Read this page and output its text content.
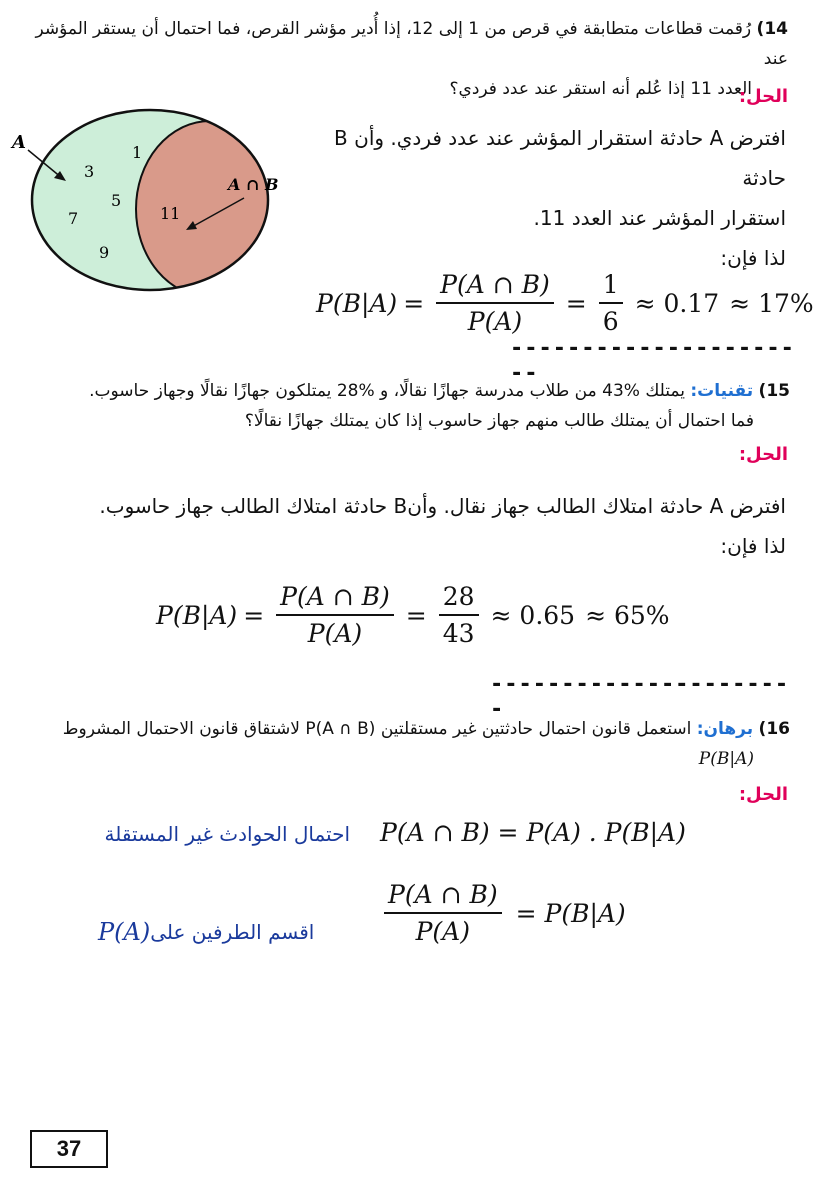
14) رُقمت قطاعات متطابقة في قرص من 1 إلى 12، إذا أُدير مؤشر القرص، فما احتمال أن يستقر المؤشر عند
العدد 11 إذا عُلم أنه استقر عند عدد فردي؟
الحل:
A
A ∩ B
1
3
5
7
9
11
افترض A حادثة استقرار المؤشر عند عدد فردي. وأن B حادثة
استقرار المؤشر عند العدد 11.
لذا فإن:
$P(B|A) = \frac{P(A \cap B)}{P(A)} = \frac{1}{6} \approx 0.17 \approx 17\%$
----------------------
15) تقنيات: يمتلك %43 من طلاب مدرسة جهازًا نقالًا، و %28 يمتلكون جهازًا نقالًا وجهاز حاسوب.
فما احتمال أن يمتلك طالب منهم جهاز حاسوب إذا كان يمتلك جهازًا نقالًا؟
الحل:
افترض A حادثة امتلاك الطالب جهاز نقال. وأنB حادثة امتلاك الطالب جهاز حاسوب.
لذا فإن:
$P(B|A) = \frac{P(A \cap B)}{P(A)} = \frac{28}{43} \approx 0.65 \approx 65\%$
----------------------
16) برهان: استعمل قانون احتمال حادثتين غير مستقلتين P(A ∩ B) لاشتقاق قانون الاحتمال المشروط
P(B|A)
الحل:
P(A ∩ B) = P(A) . P(B|A)
احتمال الحوادث غير المستقلة
$\frac{P(A \cap B)}{P(A)} = P(B|A)$
اقسم الطرفين على
P(A)
37
